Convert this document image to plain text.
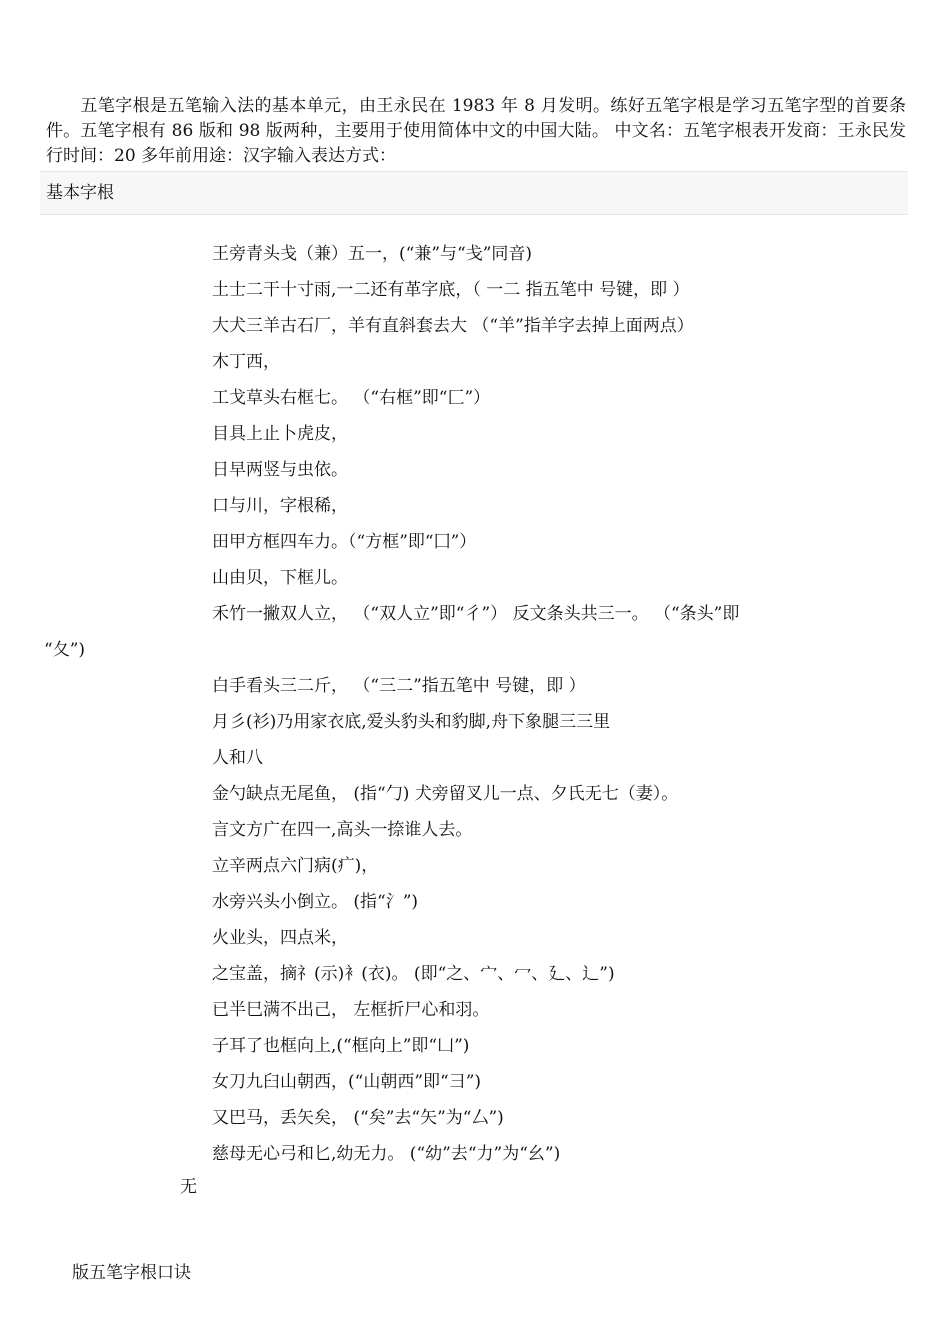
五笔字根是五笔输入法的基本单元，由王永民在 1983 年 8 月发明。练好五笔字根是学习五笔字型的首要条件。五笔字根有 86 版和 98 版两种，主要用于使用简体中文的中国大陆。 中文名：五笔字根表开发商：王永民发行时间：20 多年前用途：汉字输入表达方式：

基本字根
王旁青头戋（兼）五一，(“兼”与“戋”同音)
土士二干十寸雨,一二还有革字底，（ 一二 指五笔中 号键，即 ）
大犬三羊古石厂，羊有直斜套去大 （“羊”指羊字去掉上面两点）
木丁西，
工戈草头右框七。 （“右框”即“匚”）
目具上止卜虎皮，
日早两竖与虫依。
口与川，字根稀，
田甲方框四车力。（“方框”即“囗”）
山由贝，下框儿。
禾竹一撇双人立， （“双人立”即“彳”） 反文条头共三一。 （“条头”即
“夂”)
白手看头三二斤， （“三二”指五笔中 号键，即 ）
月彡(衫)乃用家衣底,爱头豹头和豹脚,舟下象腿三三里
人和八
金勺缺点无尾鱼， (指“勹) 犬旁留叉儿一点、夕氏无七（妻）。
言文方广在四一,高头一捺谁人去。
立辛两点六门病(疒)，
水旁兴头小倒立。 (指“氵”)
火业头，四点米，
之宝盖，摘礻(示)衤(衣)。 (即“之、宀、冖、廴、辶”)
已半巳满不出己， 左框折尸心和羽。
子耳了也框向上,(“框向上”即“凵”)
女刀九臼山朝西，(“山朝西”即“彐”)
又巴马，丢矢矣， (“矣”去“矢”为“厶”)
慈母无心弓和匕,幼无力。 (“幼”去“力”为“幺”)
无
版五笔字根口诀
